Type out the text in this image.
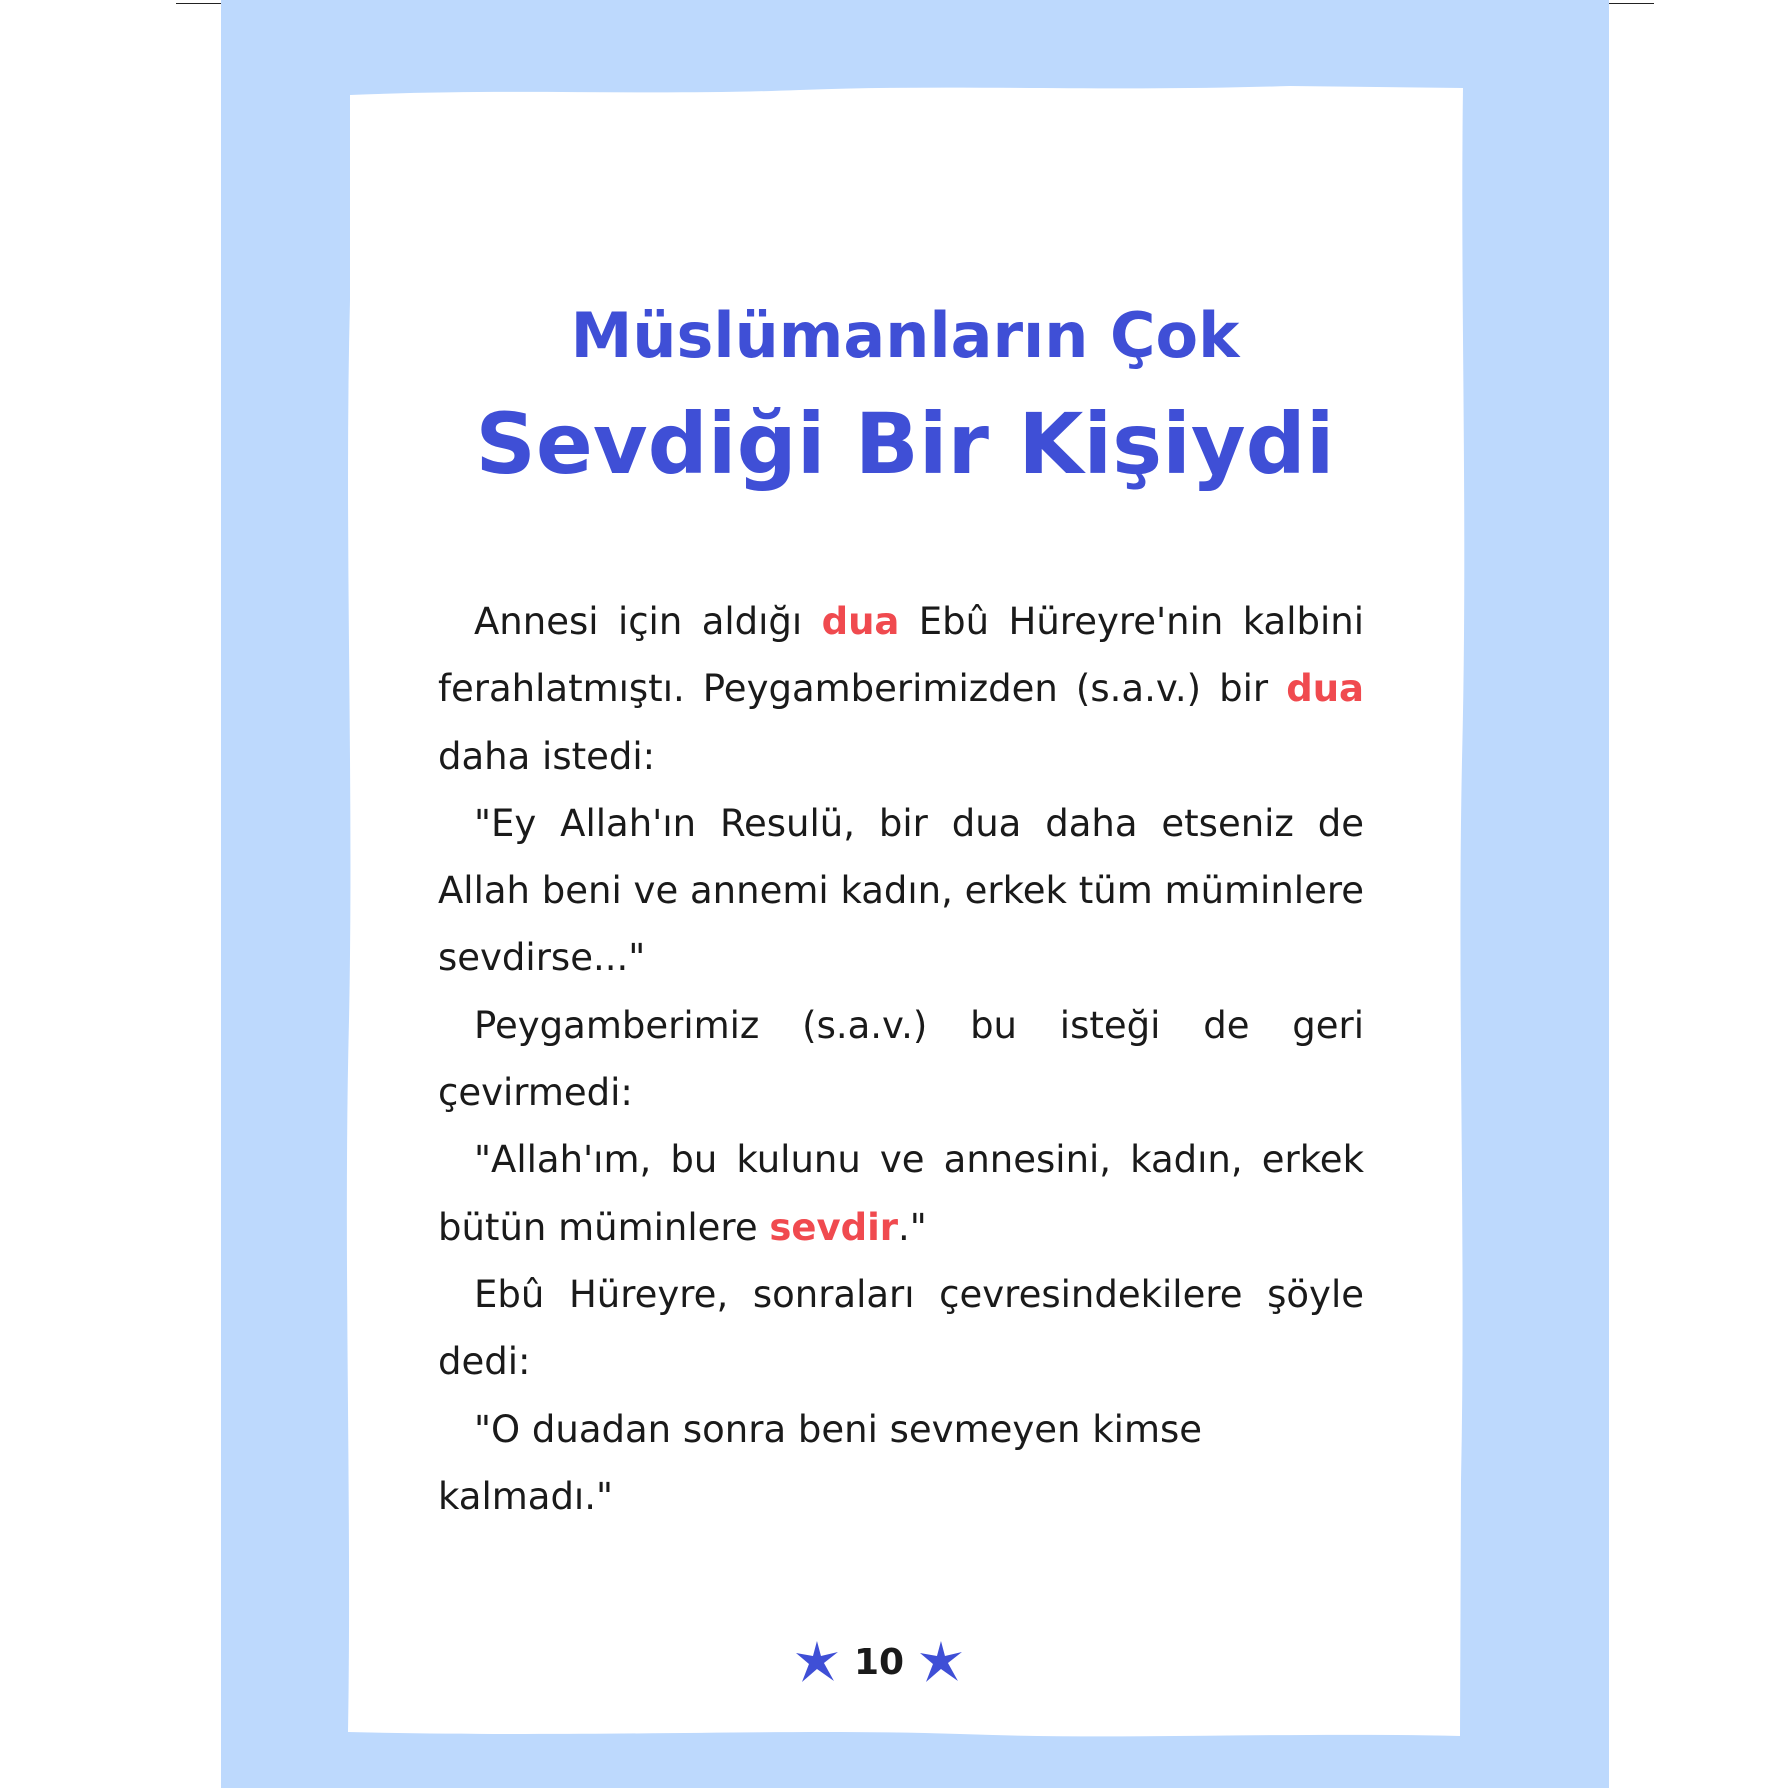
Müslümanların Çok
Sevdiği Bir Kişiydi

Annesi için aldığı dua Ebû Hüreyre'nin kalbini ferahlatmıştı. Peygamberimizden (s.a.v.) bir dua daha istedi:

"Ey Allah'ın Resulü, bir dua daha etseniz de Allah beni ve annemi kadın, erkek tüm müminlere sevdirse..."

Peygamberimiz (s.a.v.) bu isteği de geri çevirmedi:

"Allah'ım, bu kulunu ve annesini, kadın, erkek bütün müminlere sevdir."

Ebû Hüreyre, sonraları çevresindekilere şöyle dedi:

"O duadan sonra beni sevmeyen kimse kalmadı."

10
